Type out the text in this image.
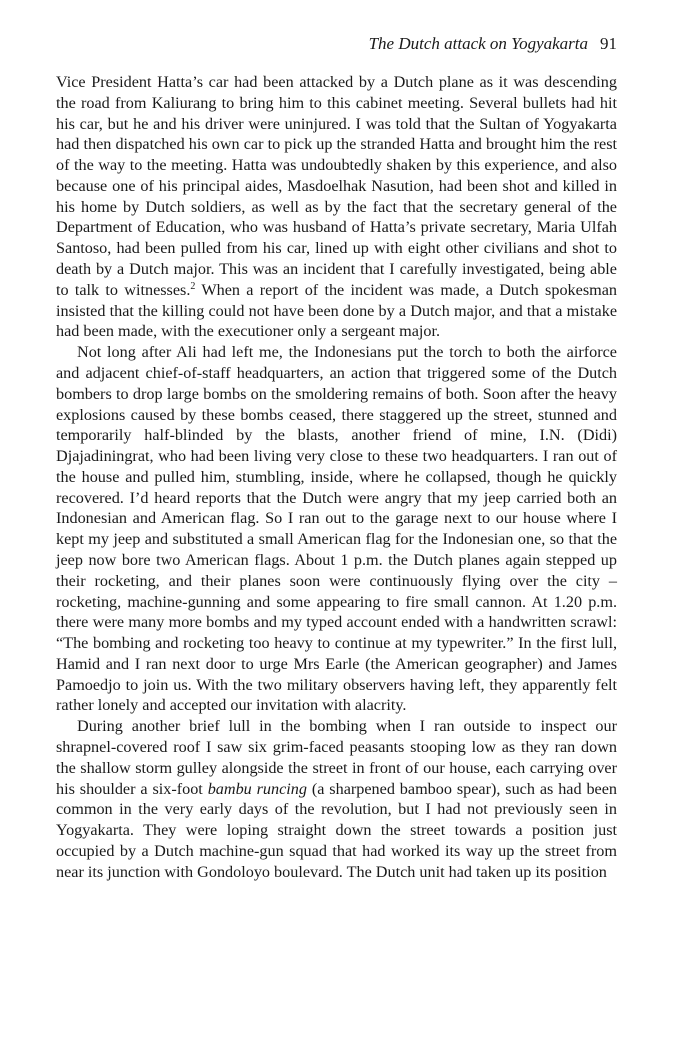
The Dutch attack on Yogyakarta 91

Vice President Hatta’s car had been attacked by a Dutch plane as it was descending the road from Kaliurang to bring him to this cabinet meeting. Several bullets had hit his car, but he and his driver were uninjured. I was told that the Sultan of Yogyakarta had then dispatched his own car to pick up the stranded Hatta and brought him the rest of the way to the meeting. Hatta was undoubtedly shaken by this experience, and also because one of his principal aides, Masdoelhak Nasution, had been shot and killed in his home by Dutch soldiers, as well as by the fact that the secretary general of the Department of Education, who was husband of Hatta’s private secretary, Maria Ulfah Santoso, had been pulled from his car, lined up with eight other civilians and shot to death by a Dutch major. This was an incident that I carefully investigated, being able to talk to witnesses.$^2$ When a report of the incident was made, a Dutch spokesman insisted that the killing could not have been done by a Dutch major, and that a mistake had been made, with the executioner only a sergeant major.

Not long after Ali had left me, the Indonesians put the torch to both the airforce and adjacent chief-of-staff headquarters, an action that triggered some of the Dutch bombers to drop large bombs on the smoldering remains of both. Soon after the heavy explosions caused by these bombs ceased, there staggered up the street, stunned and temporarily half-blinded by the blasts, another friend of mine, I.N. (Didi) Djajadiningrat, who had been living very close to these two headquarters. I ran out of the house and pulled him, stumbling, inside, where he collapsed, though he quickly recovered. I’d heard reports that the Dutch were angry that my jeep carried both an Indonesian and American flag. So I ran out to the garage next to our house where I kept my jeep and substituted a small American flag for the Indonesian one, so that the jeep now bore two American flags. About 1 p.m. the Dutch planes again stepped up their rocketing, and their planes soon were continuously flying over the city – rocketing, machine-gunning and some appearing to fire small cannon. At 1.20 p.m. there were many more bombs and my typed account ended with a handwritten scrawl: “The bombing and rocketing too heavy to continue at my typewriter.” In the first lull, Hamid and I ran next door to urge Mrs Earle (the American geographer) and James Pamoedjo to join us. With the two military observers having left, they apparently felt rather lonely and accepted our invitation with alacrity.

During another brief lull in the bombing when I ran outside to inspect our shrapnel-covered roof I saw six grim-faced peasants stooping low as they ran down the shallow storm gulley alongside the street in front of our house, each carrying over his shoulder a six-foot bambu runcing (a sharpened bamboo spear), such as had been common in the very early days of the revolution, but I had not previously seen in Yogyakarta. They were loping straight down the street towards a position just occupied by a Dutch machine-gun squad that had worked its way up the street from near its junction with Gondoloyo boulevard. The Dutch unit had taken up its position
